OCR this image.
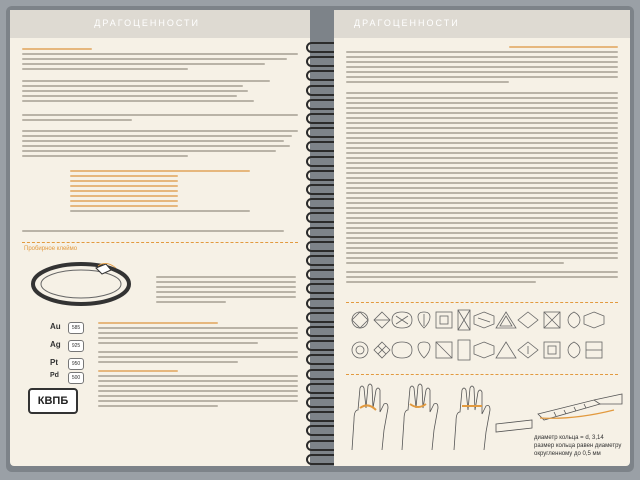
ДРАГОЦЕННОСТИ
Пробирное клеймо
Au	585
Ag	925
Pt	950
Pd	500
КВПБ
ДРАГОЦЕННОСТИ
диаметр кольца = d, 3,14
размер кольца равен диаметру
округленному до 0,5 мм
